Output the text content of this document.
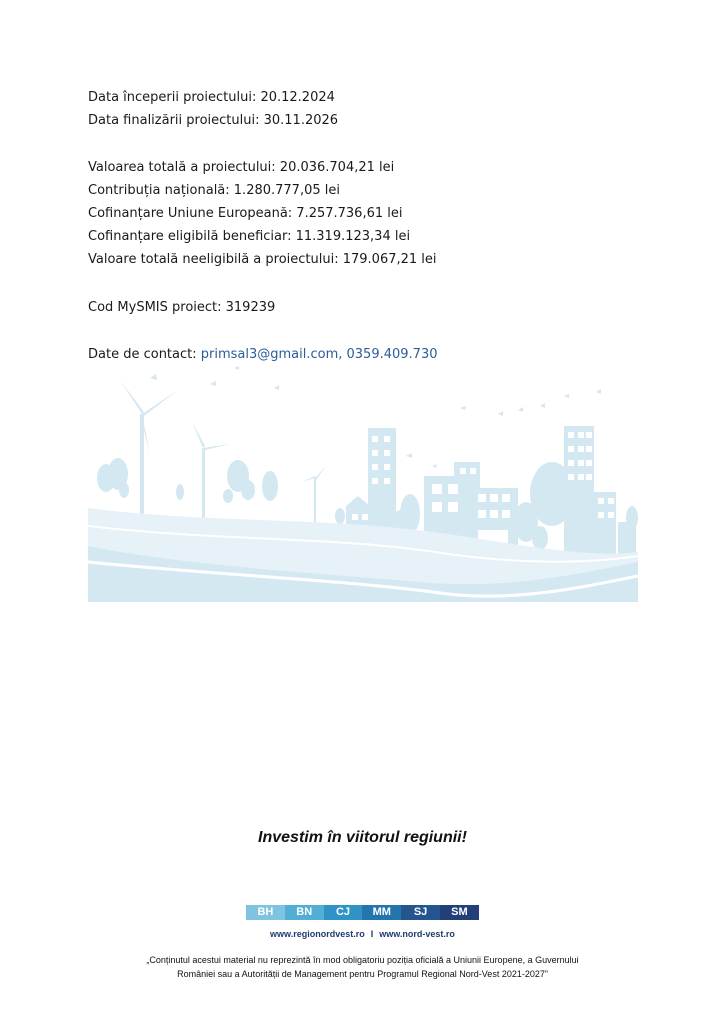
Data începerii proiectului: 20.12.2024
Data finalizării proiectului: 30.11.2026
Valoarea totală a proiectului: 20.036.704,21 lei
Contribuția națională: 1.280.777,05 lei
Cofinanțare Uniune Europeană: 7.257.736,61 lei
Cofinanțare eligibilă beneficiar: 11.319.123,34 lei
Valoare totală neeligibilă a proiectului: 179.067,21 lei
Cod MySMIS proiect: 319239
Date de contact: primsal3@gmail.com, 0359.409.730
Investim în viitorul regiunii!
BH	BN	CJ	MM	SJ	SM
www.regionordvest.ro I www.nord-vest.ro
„Conținutul acestui material nu reprezintă în mod obligatoriu poziția oficială a Uniunii Europene, a Guvernului
României sau a Autorității de Management pentru Programul Regional Nord-Vest 2021-2027”
